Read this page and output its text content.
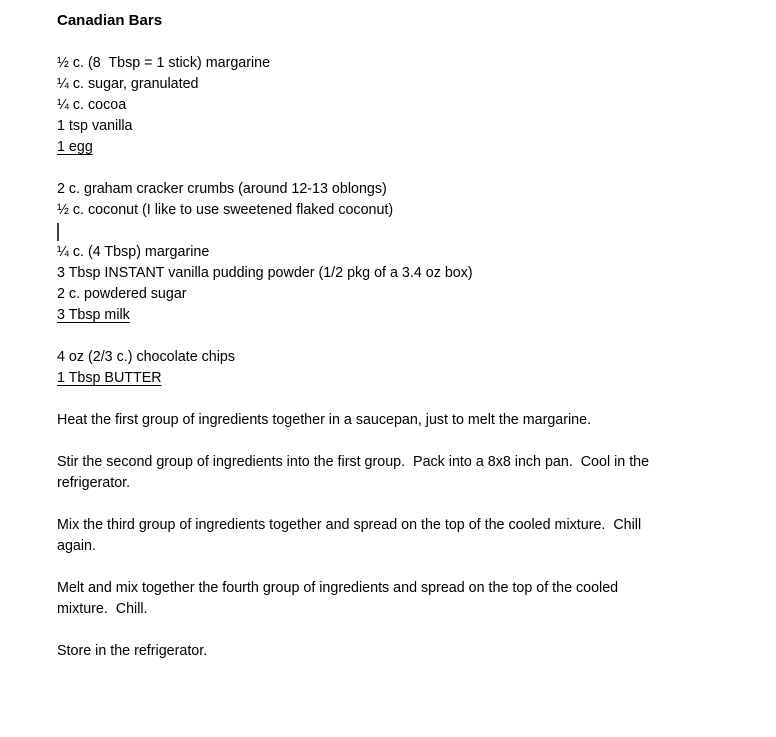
Canadian Bars
½ c. (8  Tbsp = 1 stick) margarine
¼ c. sugar, granulated
¼ c. cocoa
1 tsp vanilla
1 egg
2 c. graham cracker crumbs (around 12-13 oblongs)
½ c. coconut (I like to use sweetened flaked coconut)
¼ c. (4 Tbsp) margarine
3 Tbsp INSTANT vanilla pudding powder (1/2 pkg of a 3.4 oz box)
2 c. powdered sugar
3 Tbsp milk
4 oz (2/3 c.) chocolate chips
1 Tbsp BUTTER
Heat the first group of ingredients together in a saucepan, just to melt the margarine.
Stir the second group of ingredients into the first group.  Pack into a 8x8 inch pan.  Cool in the
refrigerator.
Mix the third group of ingredients together and spread on the top of the cooled mixture.  Chill
again.
Melt and mix together the fourth group of ingredients and spread on the top of the cooled
mixture.  Chill.
Store in the refrigerator.
